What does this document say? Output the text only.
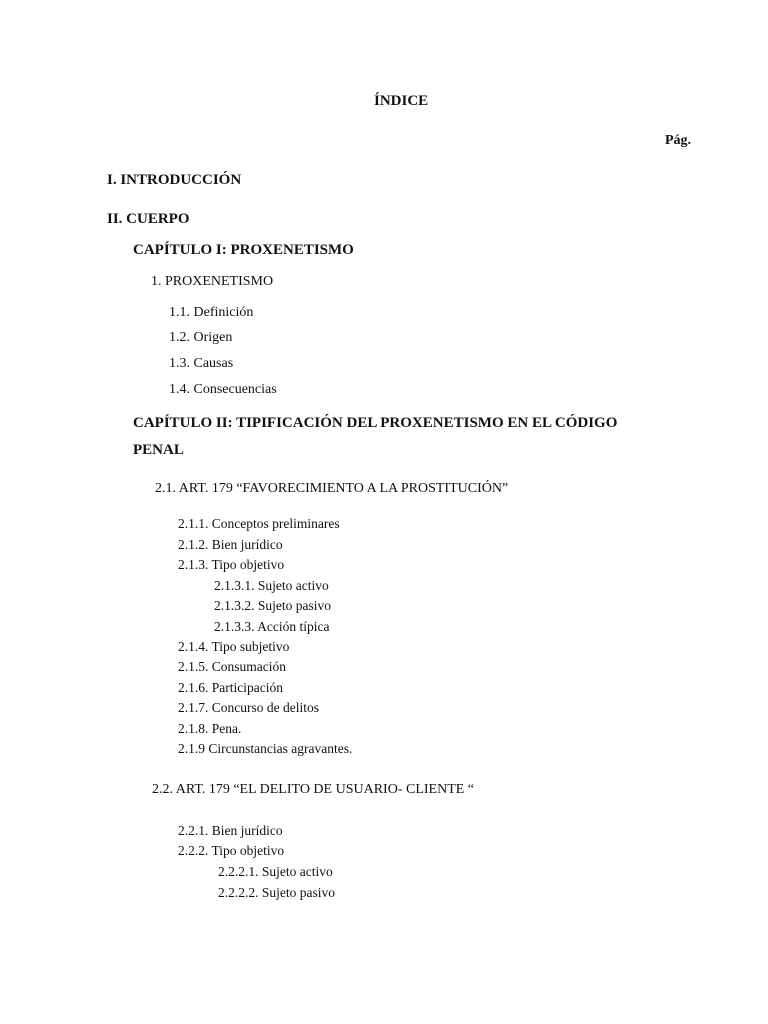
ÍNDICE
Pág.
I. INTRODUCCIÓN
II. CUERPO
CAPÍTULO I: PROXENETISMO
1. PROXENETISMO
1.1. Definición
1.2. Origen
1.3. Causas
1.4. Consecuencias
CAPÍTULO II: TIPIFICACIÓN DEL PROXENETISMO EN EL CÓDIGO
PENAL
2.1. ART. 179 “FAVORECIMIENTO A LA PROSTITUCIÓN”
2.1.1. Conceptos preliminares
2.1.2. Bien jurídico
2.1.3. Tipo objetivo
2.1.3.1. Sujeto activo
2.1.3.2. Sujeto pasivo
2.1.3.3. Acción típica
2.1.4. Tipo subjetivo
2.1.5. Consumación
2.1.6. Participación
2.1.7. Concurso de delitos
2.1.8. Pena.
2.1.9 Circunstancias agravantes.
2.2. ART. 179 “EL DELITO DE USUARIO- CLIENTE “
2.2.1. Bien jurídico
2.2.2. Tipo objetivo
2.2.2.1. Sujeto activo
2.2.2.2. Sujeto pasivo
